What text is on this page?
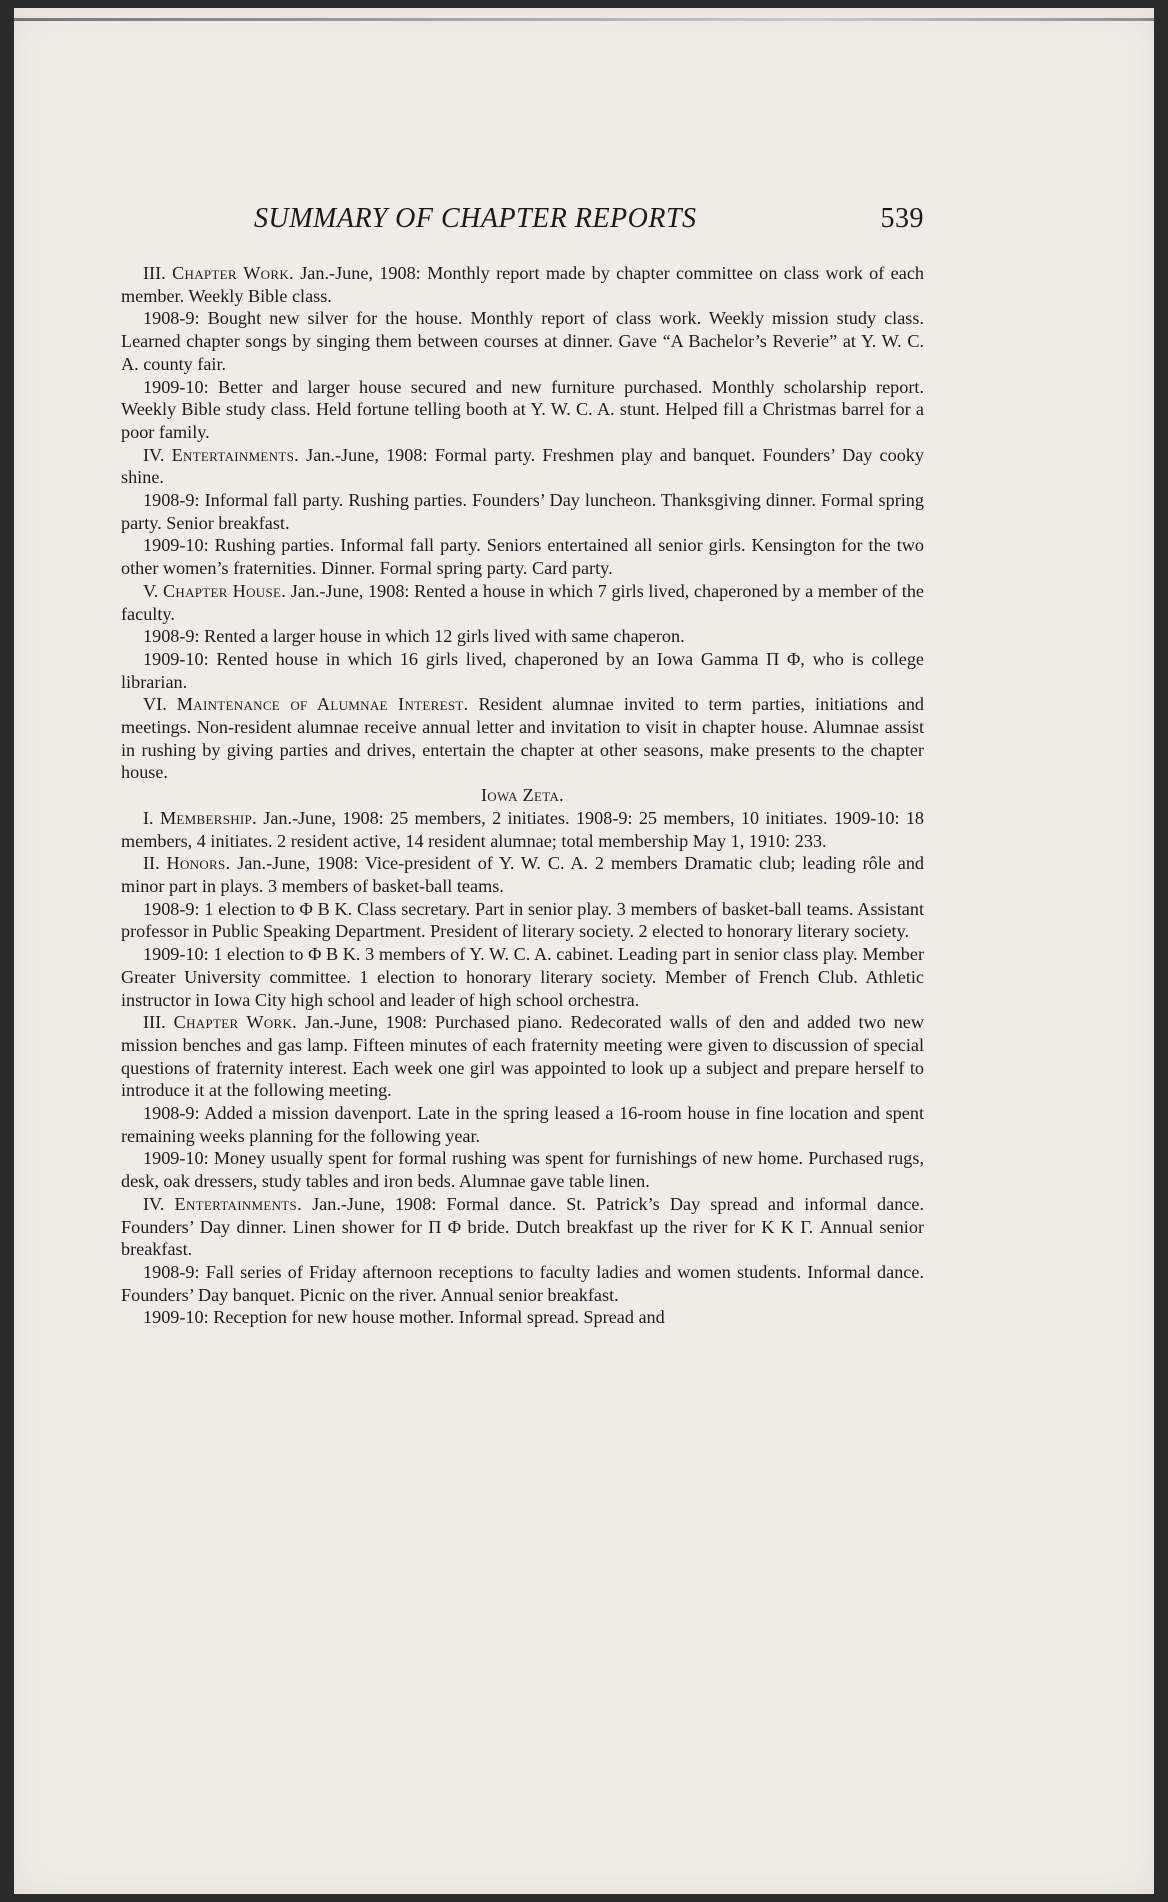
SUMMARY OF CHAPTER REPORTS	539

III. Chapter Work. Jan.-June, 1908: Monthly report made by chapter committee on class work of each member. Weekly Bible class.

1908-9: Bought new silver for the house. Monthly report of class work. Weekly mission study class. Learned chapter songs by singing them between courses at dinner. Gave “A Bachelor’s Reverie” at Y. W. C. A. county fair.

1909-10: Better and larger house secured and new furniture purchased. Monthly scholarship report. Weekly Bible study class. Held fortune telling booth at Y. W. C. A. stunt. Helped fill a Christmas barrel for a poor family.

IV. Entertainments. Jan.-June, 1908: Formal party. Freshmen play and banquet. Founders’ Day cooky shine.

1908-9: Informal fall party. Rushing parties. Founders’ Day luncheon. Thanksgiving dinner. Formal spring party. Senior breakfast.

1909-10: Rushing parties. Informal fall party. Seniors entertained all senior girls. Kensington for the two other women’s fraternities. Dinner. Formal spring party. Card party.

V. Chapter House. Jan.-June, 1908: Rented a house in which 7 girls lived, chaperoned by a member of the faculty.

1908-9: Rented a larger house in which 12 girls lived with same chaperon.

1909-10: Rented house in which 16 girls lived, chaperoned by an Iowa Gamma Π Φ, who is college librarian.

VI. Maintenance of Alumnae Interest. Resident alumnae invited to term parties, initiations and meetings. Non-resident alumnae receive annual letter and invitation to visit in chapter house. Alumnae assist in rushing by giving parties and drives, entertain the chapter at other seasons, make presents to the chapter house.

Iowa Zeta.

I. Membership. Jan.-June, 1908: 25 members, 2 initiates. 1908-9: 25 members, 10 initiates. 1909-10: 18 members, 4 initiates. 2 resident active, 14 resident alumnae; total membership May 1, 1910: 233.

II. Honors. Jan.-June, 1908: Vice-president of Y. W. C. A. 2 members Dramatic club; leading rôle and minor part in plays. 3 members of basket-ball teams.

1908-9: 1 election to Φ B K. Class secretary. Part in senior play. 3 members of basket-ball teams. Assistant professor in Public Speaking Department. President of literary society. 2 elected to honorary literary society.

1909-10: 1 election to Φ B K. 3 members of Y. W. C. A. cabinet. Leading part in senior class play. Member Greater University committee. 1 election to honorary literary society. Member of French Club. Athletic instructor in Iowa City high school and leader of high school orchestra.

III. Chapter Work. Jan.-June, 1908: Purchased piano. Redecorated walls of den and added two new mission benches and gas lamp. Fifteen minutes of each fraternity meeting were given to discussion of special questions of fraternity interest. Each week one girl was appointed to look up a subject and prepare herself to introduce it at the following meeting.

1908-9: Added a mission davenport. Late in the spring leased a 16-room house in fine location and spent remaining weeks planning for the following year.

1909-10: Money usually spent for formal rushing was spent for furnishings of new home. Purchased rugs, desk, oak dressers, study tables and iron beds. Alumnae gave table linen.

IV. Entertainments. Jan.-June, 1908: Formal dance. St. Patrick’s Day spread and informal dance. Founders’ Day dinner. Linen shower for Π Φ bride. Dutch breakfast up the river for K K Γ. Annual senior breakfast.

1908-9: Fall series of Friday afternoon receptions to faculty ladies and women students. Informal dance. Founders’ Day banquet. Picnic on the river. Annual senior breakfast.

1909-10: Reception for new house mother. Informal spread. Spread and
